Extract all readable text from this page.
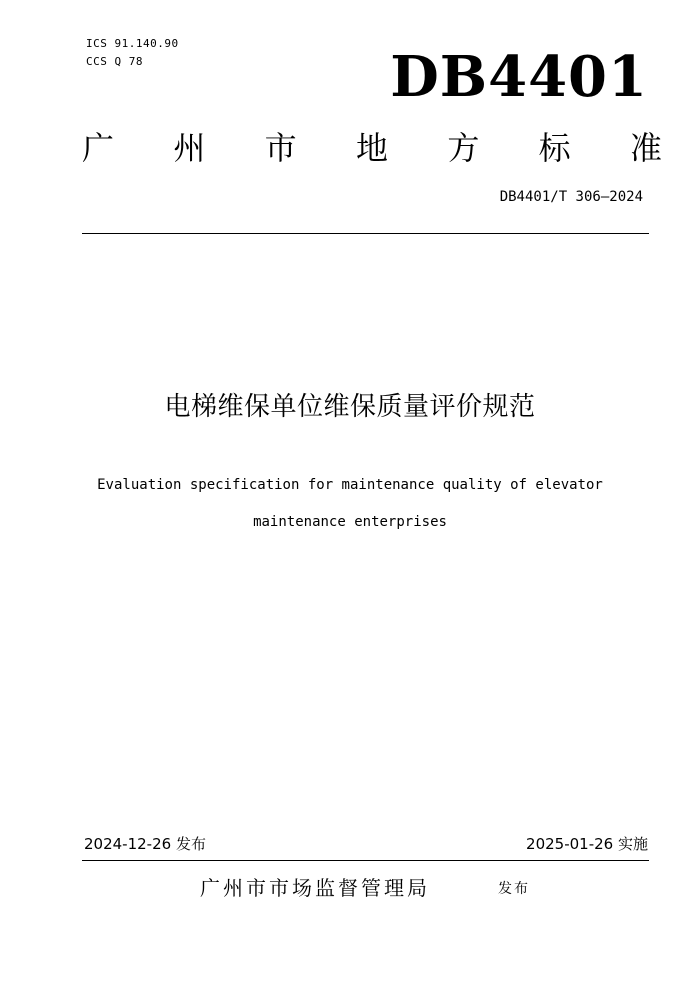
ICS 91.140.90
CCS Q 78	DB4401
广 州 市 地 方 标 准
DB4401/T 306—2024
电梯维保单位维保质量评价规范
Evaluation specification for maintenance quality of elevator
maintenance enterprises
2024-12-26 发布	2025-01-26 实施
广州市市场监督管理局	发布
